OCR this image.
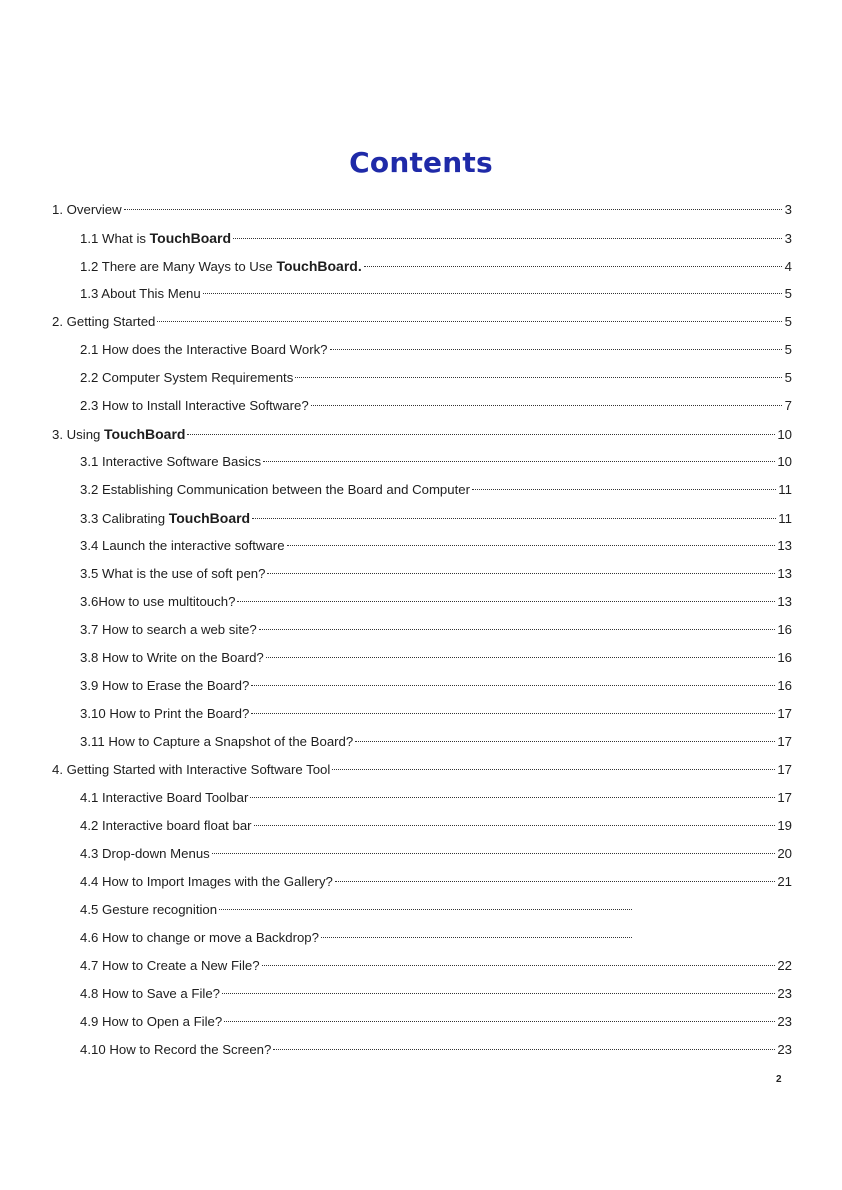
Contents
1. Overview	3
1.1 What is TouchBoard	3
1.2 There are Many Ways to Use TouchBoard.	4
1.3 About This Menu	5
2. Getting Started	5
2.1 How does the Interactive Board Work?	5
2.2 Computer System Requirements	5
2.3 How to Install Interactive Software?	7
3. Using TouchBoard	10
3.1 Interactive Software Basics	10
3.2 Establishing Communication between the Board and Computer	11
3.3 Calibrating TouchBoard	11
3.4 Launch the interactive software	13
3.5 What is the use of soft pen?	13
3.6How to use multitouch?	13
3.7 How to search a web site?	16
3.8 How to Write on the Board?	16
3.9 How to Erase the Board?	16
3.10 How to Print the Board?	17
3.11 How to Capture a Snapshot of the Board?	17
4. Getting Started with Interactive Software Tool	17
4.1 Interactive Board Toolbar	17
4.2 Interactive board float bar	19
4.3 Drop-down Menus	20
4.4 How to Import Images with the Gallery?	21
4.5 Gesture recognition
4.6 How to change or move a Backdrop?
4.7 How to Create a New File?	22
4.8 How to Save a File?	23
4.9 How to Open a File?	23
4.10 How to Record the Screen?	23
2
